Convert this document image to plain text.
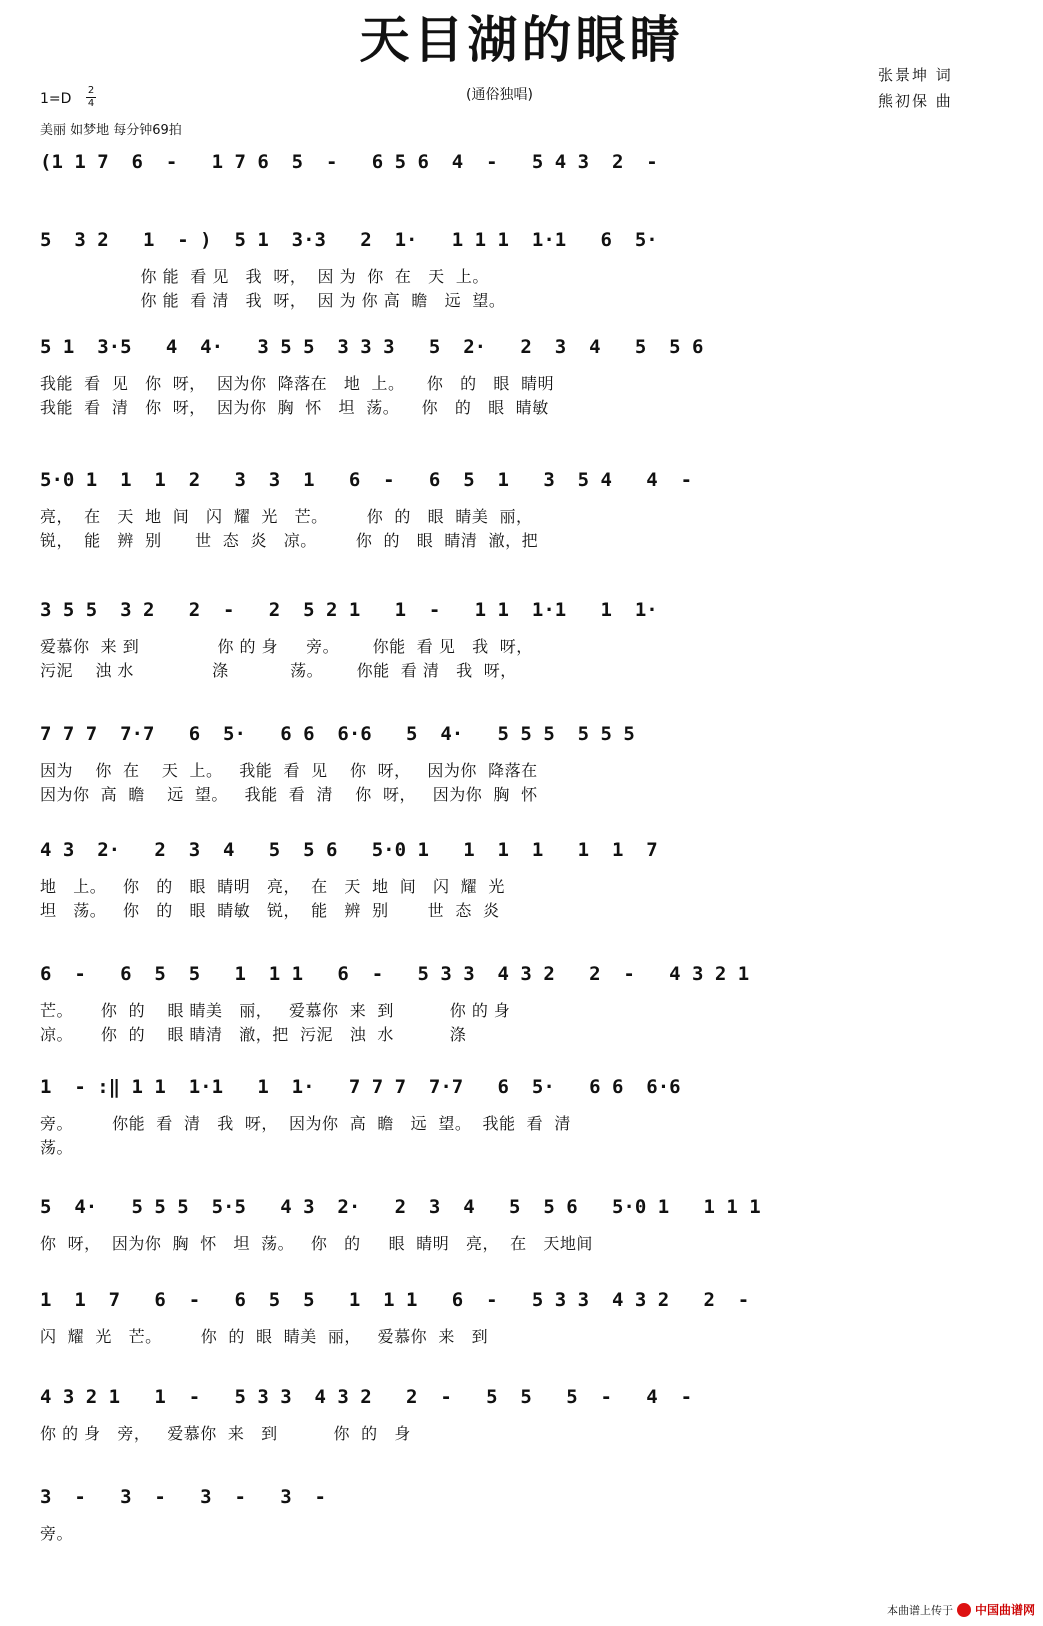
天目湖的眼睛
(通俗独唱)
张景坤 词
熊初保 曲
1=D
2
4
美丽 如梦地 每分钟69拍
(1 1 7  6  -   1 7 6  5  -   6 5 6  4  -   5 4 3  2  -
5  3 2   1  - )  5 1  3·3   2  1·   1 1 1  1·1   6  5·
你 能  看 见   我  呀，  因 为  你  在   天  上。
你 能  看 清   我  呀，  因 为 你 高  瞻   远  望。
5 1  3·5   4  4·   3 5 5  3 3 3   5  2·   2  3  4   5  5 6
我能  看  见   你  呀，  因为你  降落在   地  上。    你   的   眼  睛明
我能  看  清   你  呀，  因为你  胸  怀   坦  荡。    你   的   眼  睛敏
5·0 1  1  1  2   3  3  1   6  -   6  5  1   3  5 4   4  -
亮，  在   天  地  间   闪  耀  光   芒。       你  的   眼  睛美  丽，
锐，  能   辨  别      世  态  炎   凉。       你  的   眼  睛清  澈，把
3 5 5  3 2   2  -   2  5 2 1   1  -   1 1  1·1   1  1·
爱慕你  来 到              你 的 身     旁。      你能  看 见   我  呀，
污泥    浊 水              涤           荡。      你能  看 清   我  呀，
7 7 7  7·7   6  5·   6 6  6·6   5  4·   5 5 5  5 5 5
因为    你  在    天  上。   我能  看  见    你  呀，   因为你  降落在
因为你  高  瞻    远  望。   我能  看  清    你  呀，   因为你  胸  怀
4 3  2·   2  3  4   5  5 6   5·0 1   1  1  1   1  1  7
地   上。   你   的   眼  睛明   亮，  在   天  地  间   闪  耀  光
坦   荡。   你   的   眼  睛敏   锐，  能   辨  别       世  态  炎
6  -   6  5  5   1  1 1   6  -   5 3 3  4 3 2   2  -   4 3 2 1
芒。     你  的    眼 睛美   丽，   爱慕你  来  到          你 的 身
凉。     你  的    眼 睛清   澈，把  污泥   浊  水          涤
1  - :‖ 1 1  1·1   1  1·   7 7 7  7·7   6  5·   6 6  6·6
旁。       你能  看  清   我  呀，  因为你  高  瞻   远  望。  我能  看  清
荡。
5  4·   5 5 5  5·5   4 3  2·   2  3  4   5  5 6   5·0 1   1 1 1
你  呀，  因为你  胸  怀   坦  荡。   你   的     眼  睛明   亮，  在   天地间
1  1  7   6  -   6  5  5   1  1 1   6  -   5 3 3  4 3 2   2  -
闪  耀  光   芒。       你  的  眼  睛美  丽，   爱慕你  来   到
4 3 2 1   1  -   5 3 3  4 3 2   2  -   5  5   5  -   4  -
你 的 身   旁，   爱慕你  来   到          你  的   身
3  -   3  -   3  -   3  -
旁。
本曲谱上传于 中国曲谱网
